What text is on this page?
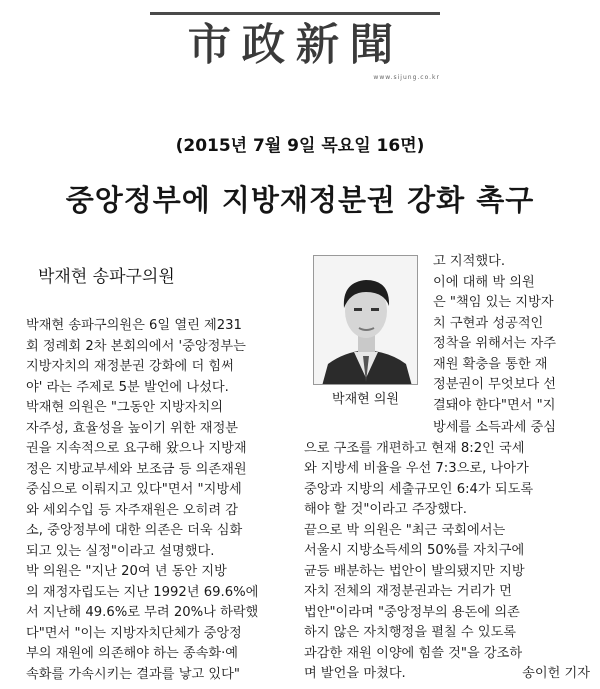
市政新聞
www.sijung.co.kr
(2015년 7월 9일 목요일 16면)
중앙정부에 지방재정분권 강화 촉구
박재현 송파구의원

박재현 송파구의원은 6일 열린 제231

회 정례회 2차 본회의에서 '중앙정부는

지방자치의 재정분권 강화에 더 힘써

야' 라는 주제로 5분 발언에 나섰다.

박재현 의원은 "그동안 지방자치의

자주성, 효율성을 높이기 위한 재정분

권을 지속적으로 요구해 왔으나 지방재

정은 지방교부세와 보조금 등 의존재원

중심으로 이뤄지고 있다"면서 "지방세

와 세외수입 등 자주재원은 오히려 감

소, 중앙정부에 대한 의존은 더욱 심화

되고 있는 실정"이라고 설명했다.

박 의원은 "지난 20여 년 동안 지방

의 재정자립도는 지난 1992년 69.6%에

서 지난해 49.6%로 무려 20%나 하락했

다"면서 "이는 지방자치단체가 중앙정

부의 재원에 의존해야 하는 종속화·예

속화를 가속시키는 결과를 낳고 있다"

박재현 의원

고 지적했다.

이에 대해 박 의원

은 "책임 있는 지방자

치 구현과 성공적인

정착을 위해서는 자주

재원 확충을 통한 재

정분권이 무엇보다 선

결돼야 한다"면서 "지

방세를 소득과세 중심

으로 구조를 개편하고 현재 8:2인 국세

와 지방세 비율을 우선 7:3으로, 나아가

중앙과 지방의 세출규모인 6:4가 되도록

해야 할 것"이라고 주장했다.

끝으로 박 의원은 "최근 국회에서는

서울시 지방소득세의 50%를 자치구에

균등 배분하는 법안이 발의됐지만 지방

자치 전체의 재정분권과는 거리가 먼

법안"이라며 "중앙정부의 용돈에 의존

하지 않은 자치행정을 펼칠 수 있도록

과감한 재원 이양에 힘쓸 것"을 강조하

며 발언을 마쳤다.	송이헌 기자
